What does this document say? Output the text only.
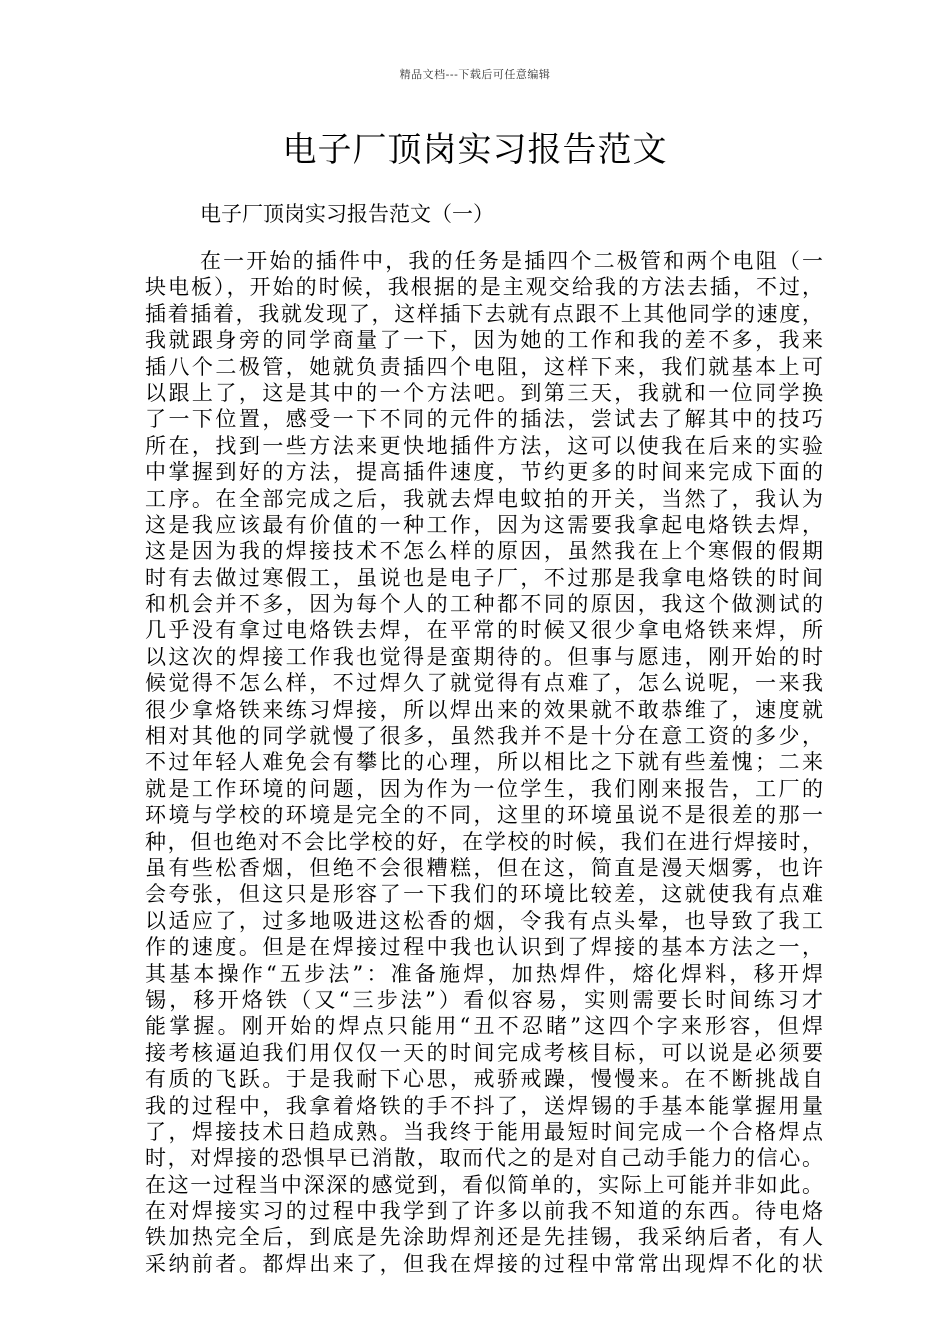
精品文档---下载后可任意编辑
电子厂顶岗实习报告范文
电子厂顶岗实习报告范文（一）
在一开始的插件中，我的任务是插四个二极管和两个电阻（一
块电板），开始的时候，我根据的是主观交给我的方法去插，不过，
插着插着，我就发现了，这样插下去就有点跟不上其他同学的速度，
我就跟身旁的同学商量了一下，因为她的工作和我的差不多，我来
插八个二极管，她就负责插四个电阻，这样下来，我们就基本上可
以跟上了，这是其中的一个方法吧。到第三天，我就和一位同学换
了一下位置，感受一下不同的元件的插法，尝试去了解其中的技巧
所在，找到一些方法来更快地插件方法，这可以使我在后来的实验
中掌握到好的方法，提高插件速度，节约更多的时间来完成下面的
工序。在全部完成之后，我就去焊电蚊拍的开关，当然了，我认为
这是我应该最有价值的一种工作，因为这需要我拿起电烙铁去焊，
这是因为我的焊接技术不怎么样的原因，虽然我在上个寒假的假期
时有去做过寒假工，虽说也是电子厂，不过那是我拿电烙铁的时间
和机会并不多，因为每个人的工种都不同的原因，我这个做测试的
几乎没有拿过电烙铁去焊，在平常的时候又很少拿电烙铁来焊，所
以这次的焊接工作我也觉得是蛮期待的。但事与愿违，刚开始的时
候觉得不怎么样，不过焊久了就觉得有点难了，怎么说呢，一来我
很少拿烙铁来练习焊接，所以焊出来的效果就不敢恭维了，速度就
相对其他的同学就慢了很多，虽然我并不是十分在意工资的多少，
不过年轻人难免会有攀比的心理，所以相比之下就有些羞愧；二来
就是工作环境的问题，因为作为一位学生，我们刚来报告，工厂的
环境与学校的环境是完全的不同，这里的环境虽说不是很差的那一
种，但也绝对不会比学校的好，在学校的时候，我们在进行焊接时，
虽有些松香烟，但绝不会很糟糕，但在这，简直是漫天烟雾，也许
会夸张，但这只是形容了一下我们的环境比较差，这就使我有点难
以适应了，过多地吸进这松香的烟，令我有点头晕，也导致了我工
作的速度。但是在焊接过程中我也认识到了焊接的基本方法之一，
其基本操作“五步法”：准备施焊，加热焊件，熔化焊料，移开焊
锡，移开烙铁（又“三步法”）看似容易，实则需要长时间练习才
能掌握。刚开始的焊点只能用“丑不忍睹”这四个字来形容，但焊
接考核逼迫我们用仅仅一天的时间完成考核目标，可以说是必须要
有质的飞跃。于是我耐下心思，戒骄戒躁，慢慢来。在不断挑战自
我的过程中，我拿着烙铁的手不抖了，送焊锡的手基本能掌握用量
了，焊接技术日趋成熟。当我终于能用最短时间完成一个合格焊点
时，对焊接的恐惧早已消散，取而代之的是对自己动手能力的信心。
在这一过程当中深深的感觉到，看似简单的，实际上可能并非如此。
在对焊接实习的过程中我学到了许多以前我不知道的东西。待电烙
铁加热完全后，到底是先涂助焊剂还是先挂锡，我采纳后者，有人
采纳前者。都焊出来了，但我在焊接的过程中常常出现焊不化的状
